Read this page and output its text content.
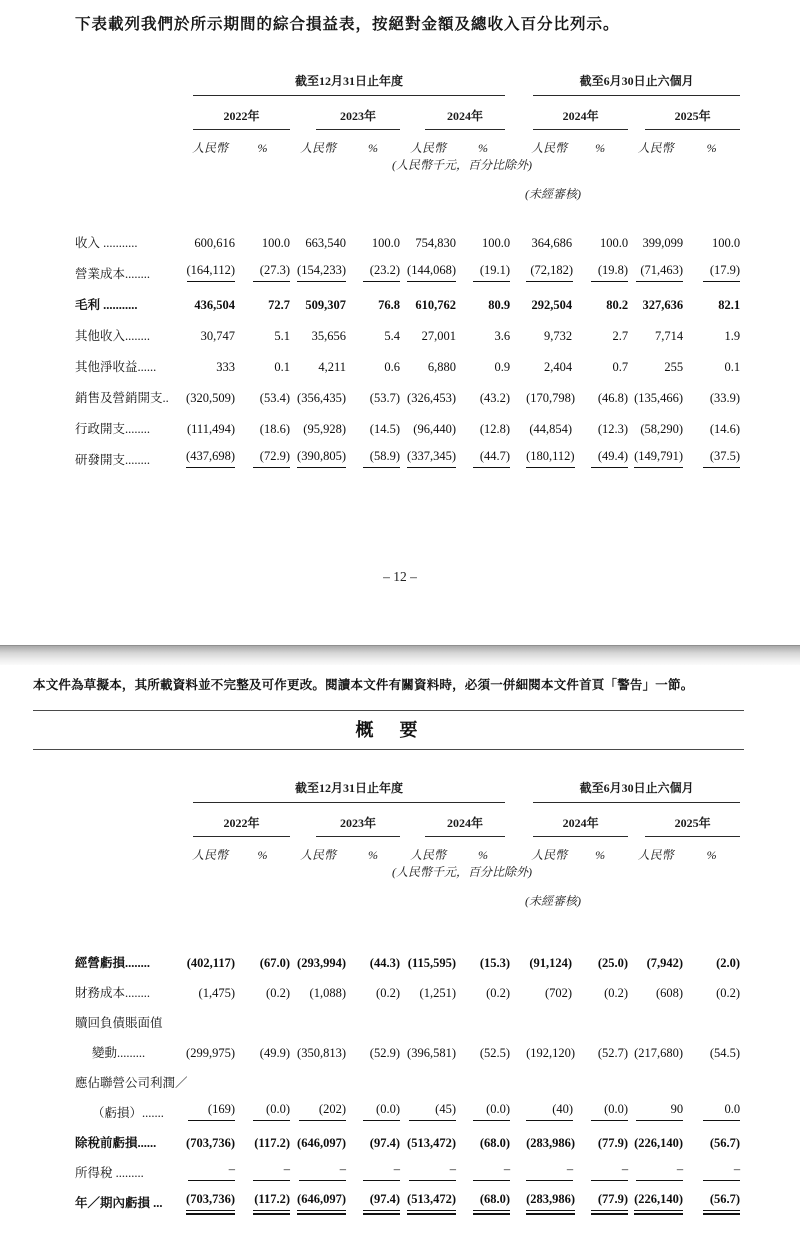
下表載列我們於所示期間的綜合損益表，按絕對金額及總收入百分比列示。

(人民幣千元，百分比除外)
(未經審核)

	截至12月31日止年度							截至6月30日止六個月			

	2022年		2023年		2024年			2024年		2025年	

	人民幣	%	人民幣	%	人民幣	%		人民幣	%	人民幣	%

收入 ...........	600,616	100.0	663,540	100.0	754,830	100.0		364,686	100.0	399,099	100.0
營業成本........	(164,112)	(27.3)	(154,233)	(23.2)	(144,068)	(19.1)		(72,182)	(19.8)	(71,463)	(17.9)
毛利 ...........	436,504	72.7	509,307	76.8	610,762	80.9		292,504	80.2	327,636	82.1
其他收入........	30,747	5.1	35,656	5.4	27,001	3.6		9,732	2.7	7,714	1.9
其他淨收益......	333	0.1	4,211	0.6	6,880	0.9		2,404	0.7	255	0.1
銷售及營銷開支..	(320,509)	(53.4)	(356,435)	(53.7)	(326,453)	(43.2)		(170,798)	(46.8)	(135,466)	(33.9)
行政開支........	(111,494)	(18.6)	(95,928)	(14.5)	(96,440)	(12.8)		(44,854)	(12.3)	(58,290)	(14.6)
研發開支........	(437,698)	(72.9)	(390,805)	(58.9)	(337,345)	(44.7)		(180,112)	(49.4)	(149,791)	(37.5)
– 12 –

本文件為草擬本，其所載資料並不完整及可作更改。閱讀本文件有關資料時，必須一併細閱本文件首頁「警告」一節。

概　要
(人民幣千元，百分比除外)
(未經審核)

	截至12月31日止年度							截至6月30日止六個月			

	2022年		2023年		2024年			2024年		2025年	

	人民幣	%	人民幣	%	人民幣	%		人民幣	%	人民幣	%

經營虧損........	(402,117)	(67.0)	(293,994)	(44.3)	(115,595)	(15.3)		(91,124)	(25.0)	(7,942)	(2.0)
財務成本........	(1,475)	(0.2)	(1,088)	(0.2)	(1,251)	(0.2)		(702)	(0.2)	(608)	(0.2)
贖回負債賬面值											
變動.........	(299,975)	(49.9)	(350,813)	(52.9)	(396,581)	(52.5)		(192,120)	(52.7)	(217,680)	(54.5)
應佔聯營公司利潤／											
（虧損）.......	(169)	(0.0)	(202)	(0.0)	(45)	(0.0)		(40)	(0.0)	90	0.0
除稅前虧損......	(703,736)	(117.2)	(646,097)	(97.4)	(513,472)	(68.0)		(283,986)	(77.9)	(226,140)	(56.7)
所得稅 .........	–	–	–	–	–	–		–	–	–	–
年／期內虧損 ...	(703,736)	(117.2)	(646,097)	(97.4)	(513,472)	(68.0)		(283,986)	(77.9)	(226,140)	(56.7)
